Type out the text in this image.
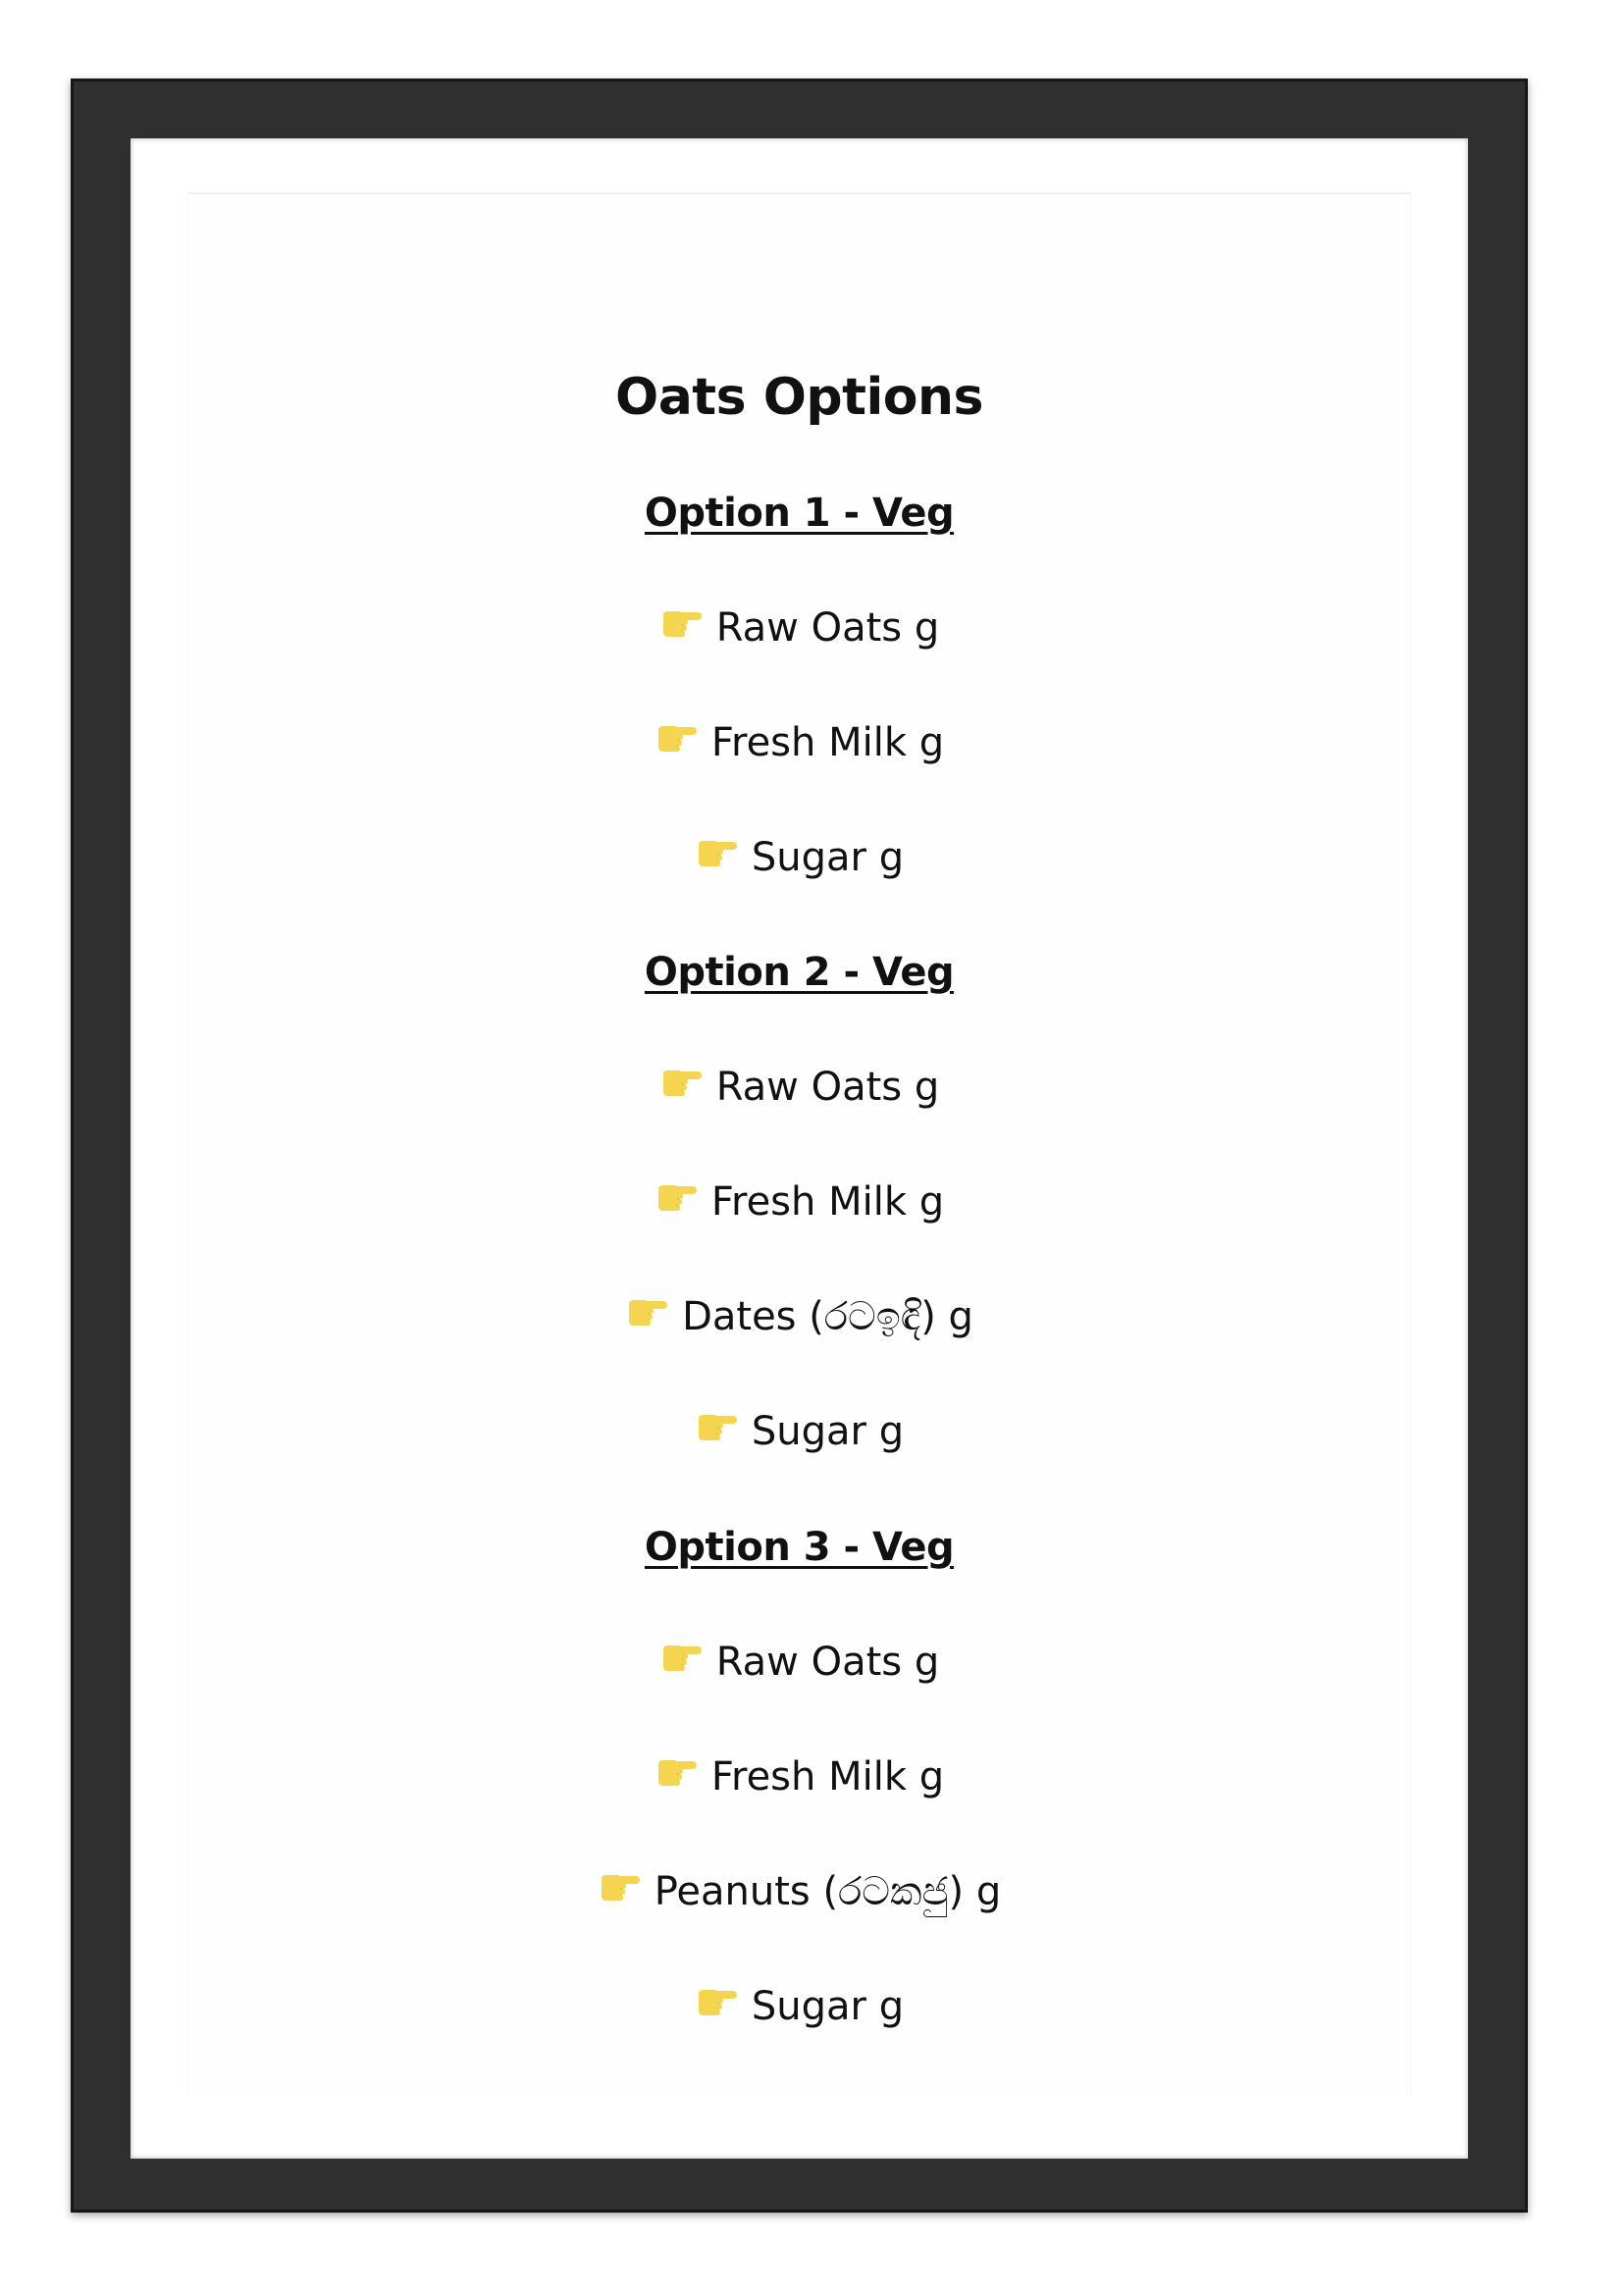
Oats Options
Option 1 - Veg
Raw Oats g
Fresh Milk g
Sugar g
Option 2 - Veg
Raw Oats g
Fresh Milk g
Dates (රටඉඳි) g
Sugar g
Option 3 - Veg
Raw Oats g
Fresh Milk g
Peanuts (රටකජු) g
Sugar g
